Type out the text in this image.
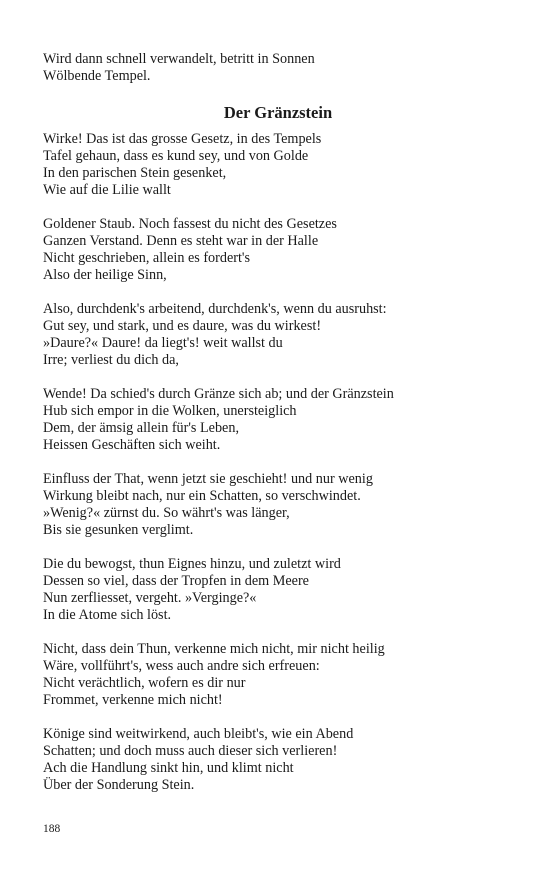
Wird dann schnell verwandelt, betritt in Sonnen
Wölbende Tempel.
Der Gränzstein
Wirke! Das ist das grosse Gesetz, in des Tempels
Tafel gehaun, dass es kund sey, und von Golde
In den parischen Stein gesenket,
Wie auf die Lilie wallt
Goldener Staub. Noch fassest du nicht des Gesetzes
Ganzen Verstand. Denn es steht war in der Halle
Nicht geschrieben, allein es fordert's
Also der heilige Sinn,
Also, durchdenk's arbeitend, durchdenk's, wenn du ausruhst:
Gut sey, und stark, und es daure, was du wirkest!
»Daure?« Daure! da liegt's! weit wallst du
Irre; verliest du dich da,
Wende! Da schied's durch Gränze sich ab; und der Gränzstein
Hub sich empor in die Wolken, unersteiglich
Dem, der ämsig allein für's Leben,
Heissen Geschäften sich weiht.
Einfluss der That, wenn jetzt sie geschieht! und nur wenig
Wirkung bleibt nach, nur ein Schatten, so verschwindet.
»Wenig?« zürnst du. So währt's was länger,
Bis sie gesunken verglimt.
Die du bewogst, thun Eignes hinzu, und zuletzt wird
Dessen so viel, dass der Tropfen in dem Meere
Nun zerfliesset, vergeht. »Verginge?«
In die Atome sich löst.
Nicht, dass dein Thun, verkenne mich nicht, mir nicht heilig
Wäre, vollführt's, wess auch andre sich erfreuen:
Nicht verächtlich, wofern es dir nur
Frommet, verkenne mich nicht!
Könige sind weitwirkend, auch bleibt's, wie ein Abend
Schatten; und doch muss auch dieser sich verlieren!
Ach die Handlung sinkt hin, und klimt nicht
Über der Sonderung Stein.
188
